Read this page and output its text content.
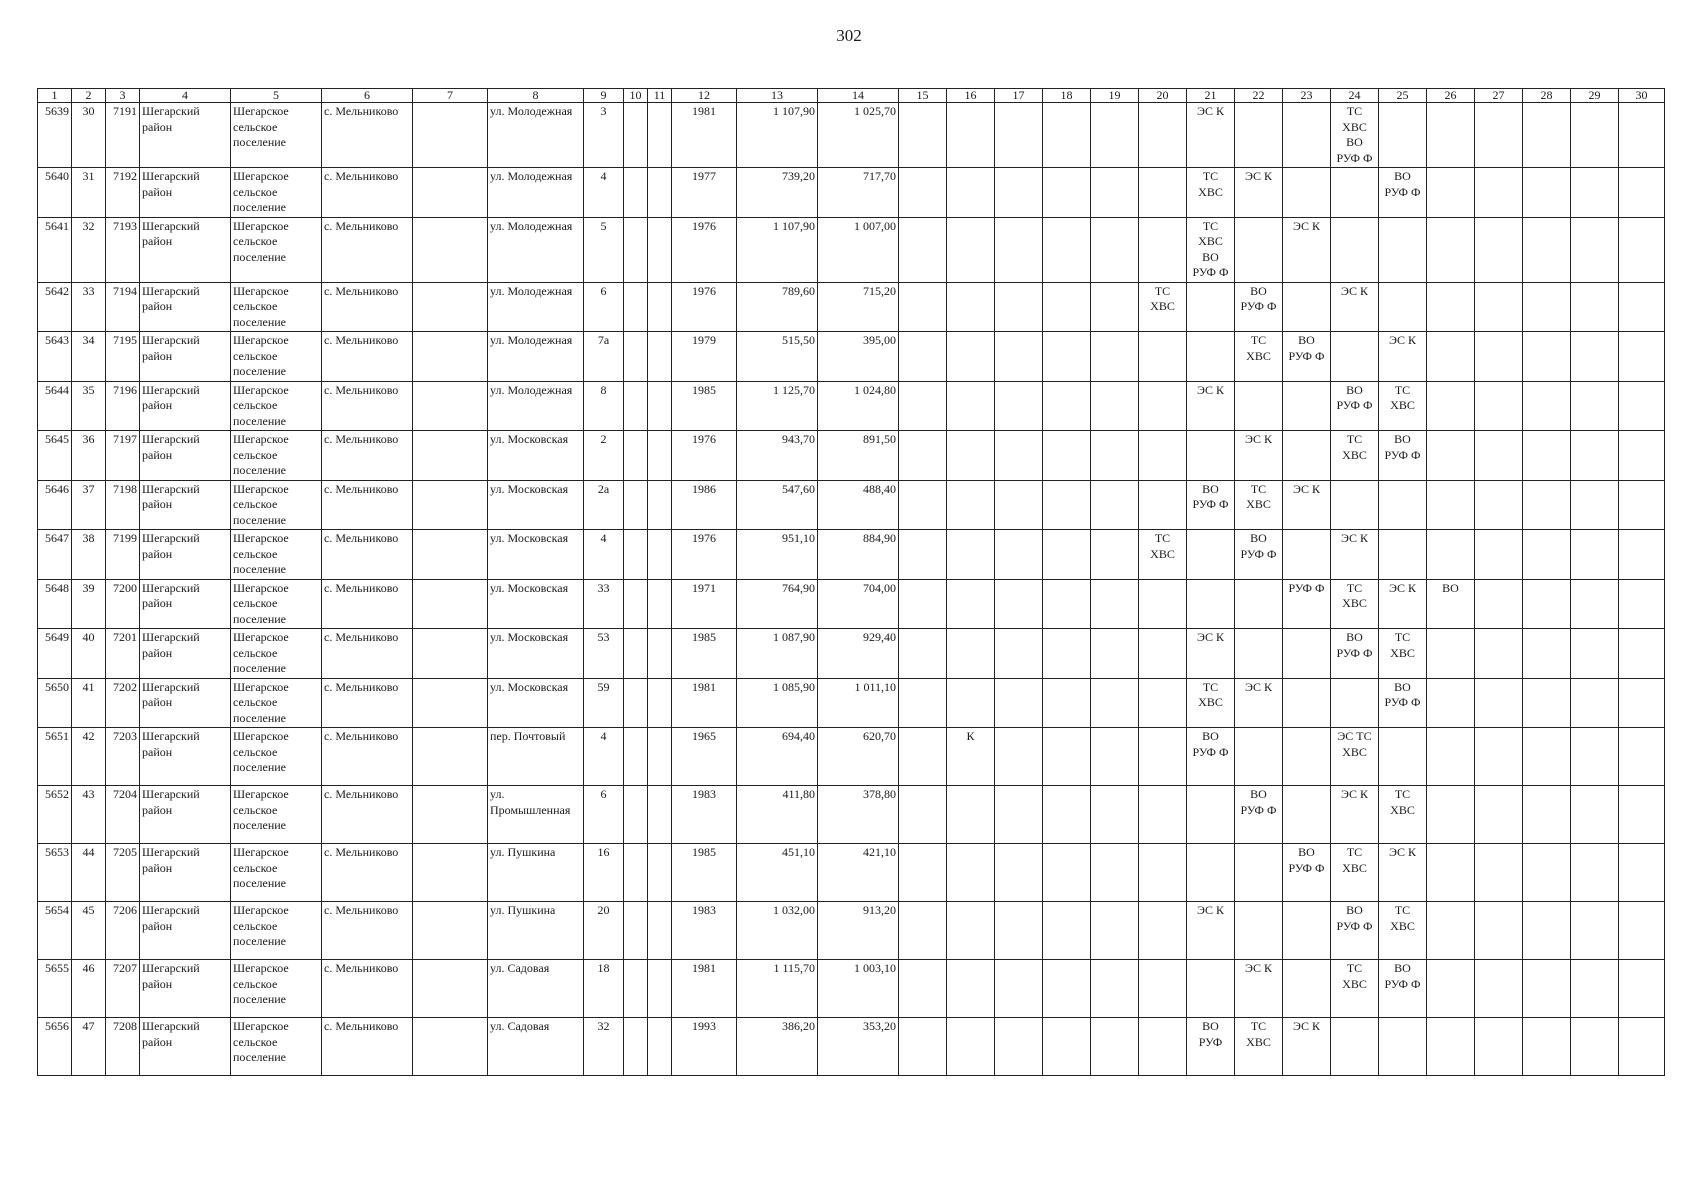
302
1	2	3	4	5	6	7	8	9	10	11	12	13	14	15	16	17	18	19	20	21	22	23	24	25	26	27	28	29	30
5639	30	7191	Шегарский
район	Шегарское
сельское
поселение	с. Мельниково		ул. Молодежная	3			1981	1 107,90	1 025,70							ЭС К			ТС
ХВС
ВО
РУФ Ф						

5640	31	7192	Шегарский
район	Шегарское
сельское
поселение	с. Мельниково		ул. Молодежная	4			1977	739,20	717,70							ТС
ХВС	ЭС К			ВО
РУФ Ф					

5641	32	7193	Шегарский
район	Шегарское
сельское
поселение	с. Мельниково		ул. Молодежная	5			1976	1 107,90	1 007,00							ТС
ХВС
ВО
РУФ Ф		ЭС К							

5642	33	7194	Шегарский
район	Шегарское
сельское
поселение	с. Мельниково		ул. Молодежная	6			1976	789,60	715,20						ТС
ХВС		ВО
РУФ Ф		ЭС К						

5643	34	7195	Шегарский
район	Шегарское
сельское
поселение	с. Мельниково		ул. Молодежная	7а			1979	515,50	395,00								ТС
ХВС	ВО
РУФ Ф		ЭС К					

5644	35	7196	Шегарский
район	Шегарское
сельское
поселение	с. Мельниково		ул. Молодежная	8			1985	1 125,70	1 024,80							ЭС К			ВО
РУФ Ф	ТС
ХВС					

5645	36	7197	Шегарский
район	Шегарское
сельское
поселение	с. Мельниково		ул. Московская	2			1976	943,70	891,50								ЭС К		ТС
ХВС	ВО
РУФ Ф					

5646	37	7198	Шегарский
район	Шегарское
сельское
поселение	с. Мельниково		ул. Московская	2а			1986	547,60	488,40							ВО
РУФ Ф	ТС
ХВС	ЭС К							

5647	38	7199	Шегарский
район	Шегарское
сельское
поселение	с. Мельниково		ул. Московская	4			1976	951,10	884,90						ТС
ХВС		ВО
РУФ Ф		ЭС К						

5648	39	7200	Шегарский
район	Шегарское
сельское
поселение	с. Мельниково		ул. Московская	33			1971	764,90	704,00									РУФ Ф	ТС
ХВС	ЭС К	ВО				

5649	40	7201	Шегарский
район	Шегарское
сельское
поселение	с. Мельниково		ул. Московская	53			1985	1 087,90	929,40							ЭС К			ВО
РУФ Ф	ТС
ХВС					

5650	41	7202	Шегарский
район	Шегарское
сельское
поселение	с. Мельниково		ул. Московская	59			1981	1 085,90	1 011,10							ТС
ХВС	ЭС К			ВО
РУФ Ф					

5651	42	7203	Шегарский
район	Шегарское
сельское
поселение	с. Мельниково		пер. Почтовый	4			1965	694,40	620,70		К					ВО
РУФ Ф			ЭС ТС
ХВС						

5652	43	7204	Шегарский
район	Шегарское
сельское
поселение	с. Мельниково		ул.
Промышленная	6			1983	411,80	378,80								ВО
РУФ Ф		ЭС К	ТС
ХВС					

5653	44	7205	Шегарский
район	Шегарское
сельское
поселение	с. Мельниково		ул. Пушкина	16			1985	451,10	421,10									ВО
РУФ Ф	ТС
ХВС	ЭС К					

5654	45	7206	Шегарский
район	Шегарское
сельское
поселение	с. Мельниково		ул. Пушкина	20			1983	1 032,00	913,20							ЭС К			ВО
РУФ Ф	ТС
ХВС					

5655	46	7207	Шегарский
район	Шегарское
сельское
поселение	с. Мельниково		ул. Садовая	18			1981	1 115,70	1 003,10								ЭС К		ТС
ХВС	ВО
РУФ Ф					

5656	47	7208	Шегарский
район	Шегарское
сельское
поселение	с. Мельниково		ул. Садовая	32			1993	386,20	353,20							ВО
РУФ	ТС
ХВС	ЭС К							
